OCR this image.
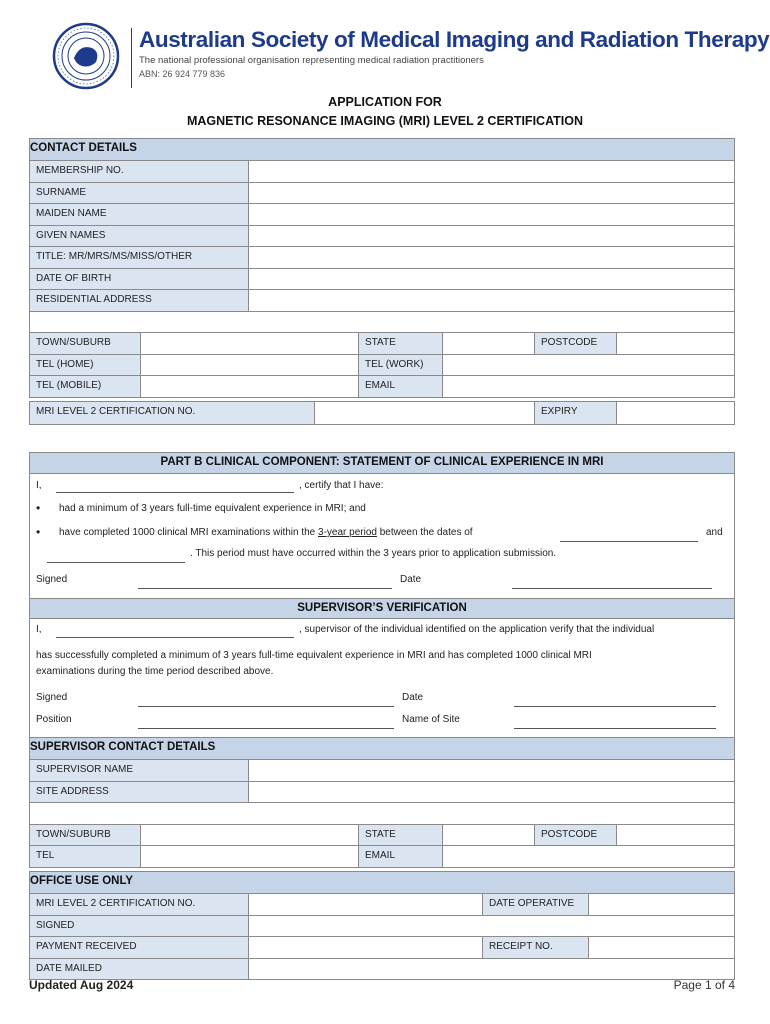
Australian Society of Medical Imaging and Radiation Therapy
The national professional organisation representing medical radiation practitioners
ABN: 26 924 779 836
APPLICATION FOR
MAGNETIC RESONANCE IMAGING (MRI) LEVEL 2 CERTIFICATION
CONTACT DETAILS
MEMBERSHIP NO.
SURNAME
MAIDEN NAME
GIVEN NAMES
TITLE: MR/MRS/MS/MISS/OTHER
DATE OF BIRTH
RESIDENTIAL ADDRESS
TOWN/SUBURB	STATE	POSTCODE
TEL (HOME)	TEL (WORK)
TEL (MOBILE)	EMAIL
MRI LEVEL 2 CERTIFICATION NO.	EXPIRY
PART B CLINICAL COMPONENT: STATEMENT OF CLINICAL EXPERIENCE IN MRI
SUPERVISOR’S VERIFICATION
I,	, certify that I have:
• had a minimum of 3 years full-time equivalent experience in MRI; and
• have completed 1000 clinical MRI examinations within the 3-year period between the dates of	and
. This period must have occurred within the 3 years prior to application submission.
Signed	Date
I,	, supervisor of the individual identified on the application verify that the individual
has successfully completed a minimum of 3 years full-time equivalent experience in MRI and has completed 1000 clinical MRI
examinations during the time period described above.
Signed	Date
Position	Name of Site
SUPERVISOR CONTACT DETAILS
SUPERVISOR NAME
SITE ADDRESS
TOWN/SUBURB	STATE	POSTCODE
TEL	EMAIL
OFFICE USE ONLY
MRI LEVEL 2 CERTIFICATION NO.	DATE OPERATIVE
SIGNED
PAYMENT RECEIVED	RECEIPT NO.
DATE MAILED
Updated Aug 2024	Page 1 of 4
